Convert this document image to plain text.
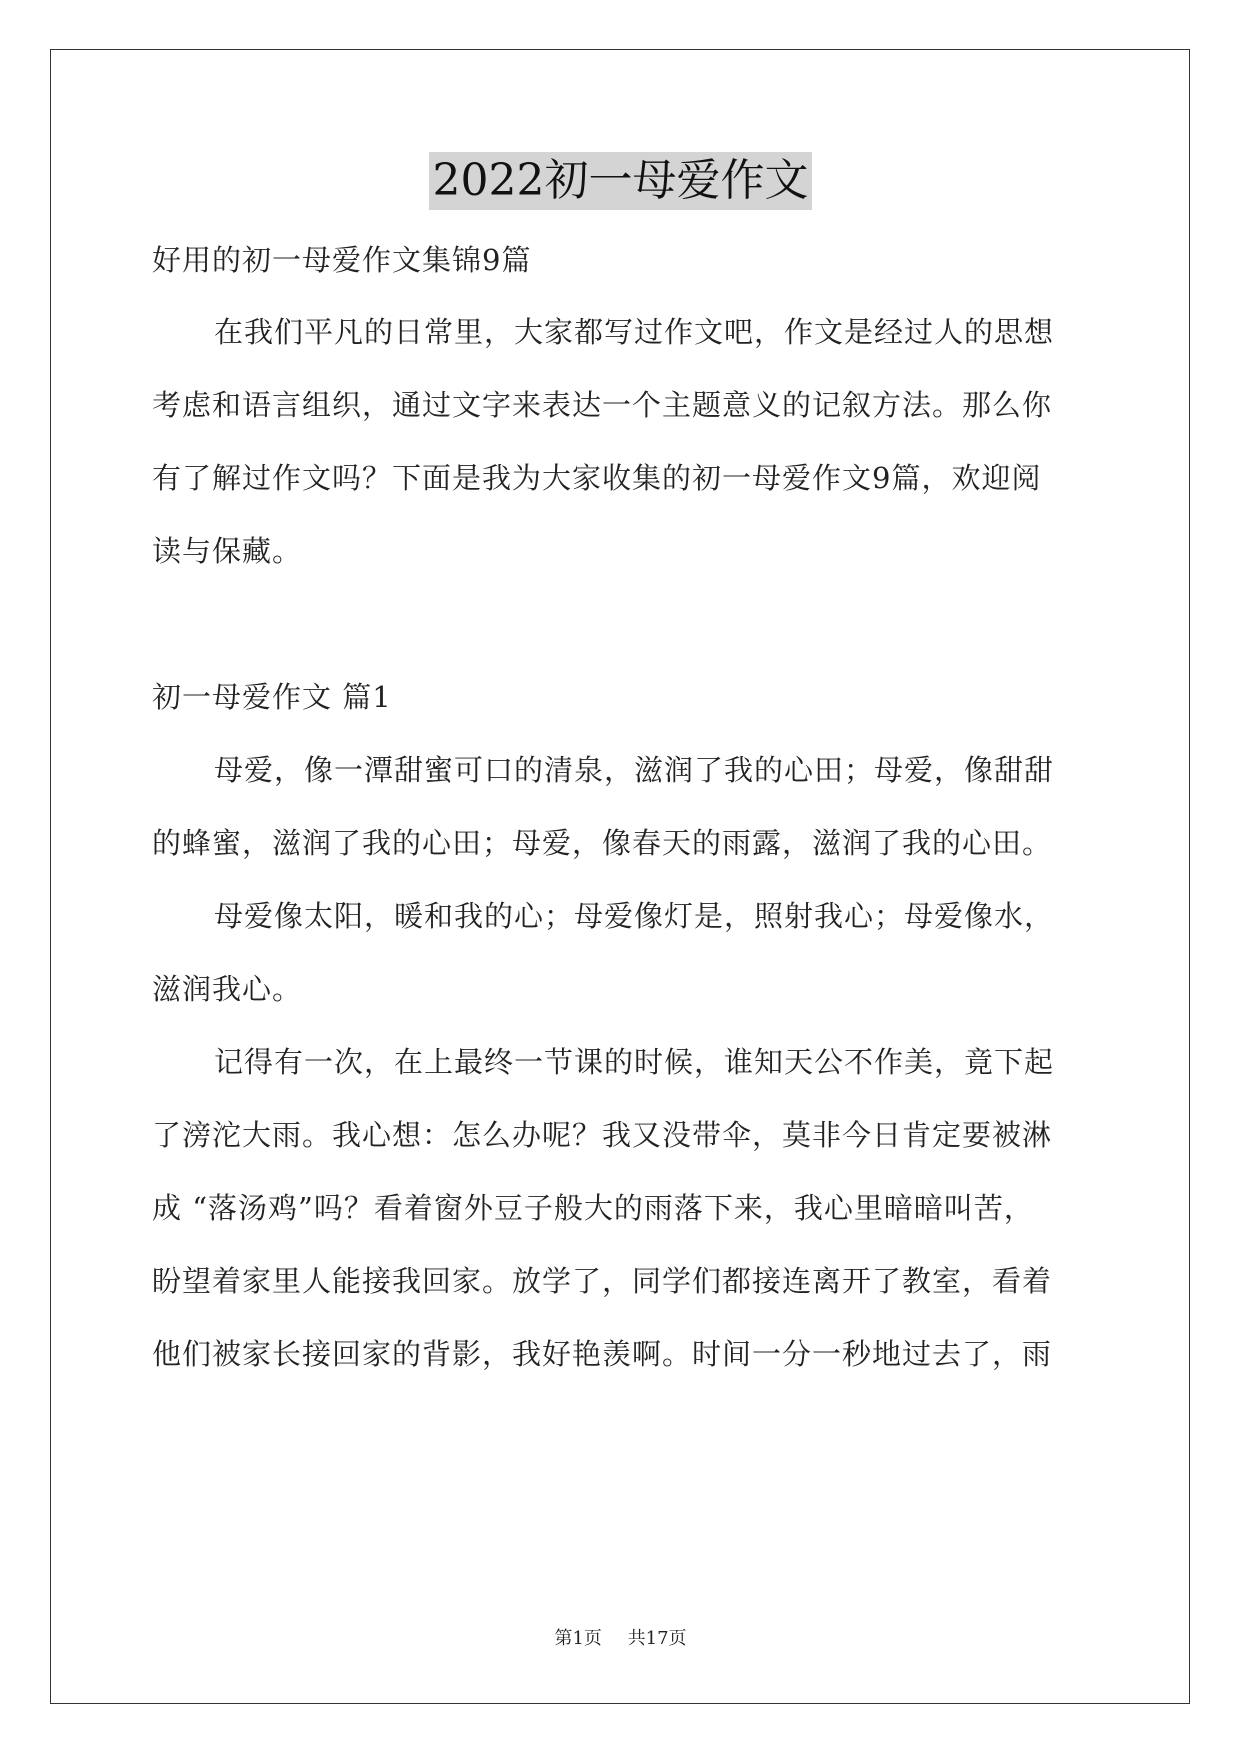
2022初一母爱作文
好用的初一母爱作文集锦9篇
在我们平凡的日常里，大家都写过作文吧，作文是经过人的思想
考虑和语言组织，通过文字来表达一个主题意义的记叙方法。那么你
有了解过作文吗？下面是我为大家收集的初一母爱作文9篇，欢迎阅
读与保藏。
初一母爱作文 篇1
母爱，像一潭甜蜜可口的清泉，滋润了我的心田；母爱，像甜甜
的蜂蜜，滋润了我的心田；母爱，像春天的雨露，滋润了我的心田。
母爱像太阳，暖和我的心；母爱像灯是，照射我心；母爱像水，
滋润我心。
记得有一次，在上最终一节课的时候，谁知天公不作美，竟下起
了滂沱大雨。我心想：怎么办呢？我又没带伞，莫非今日肯定要被淋
成 “落汤鸡”吗？看着窗外豆子般大的雨落下来，我心里暗暗叫苦，
盼望着家里人能接我回家。放学了，同学们都接连离开了教室，看着
他们被家长接回家的背影，我好艳羡啊。时间一分一秒地过去了，雨
第1页 共17页
